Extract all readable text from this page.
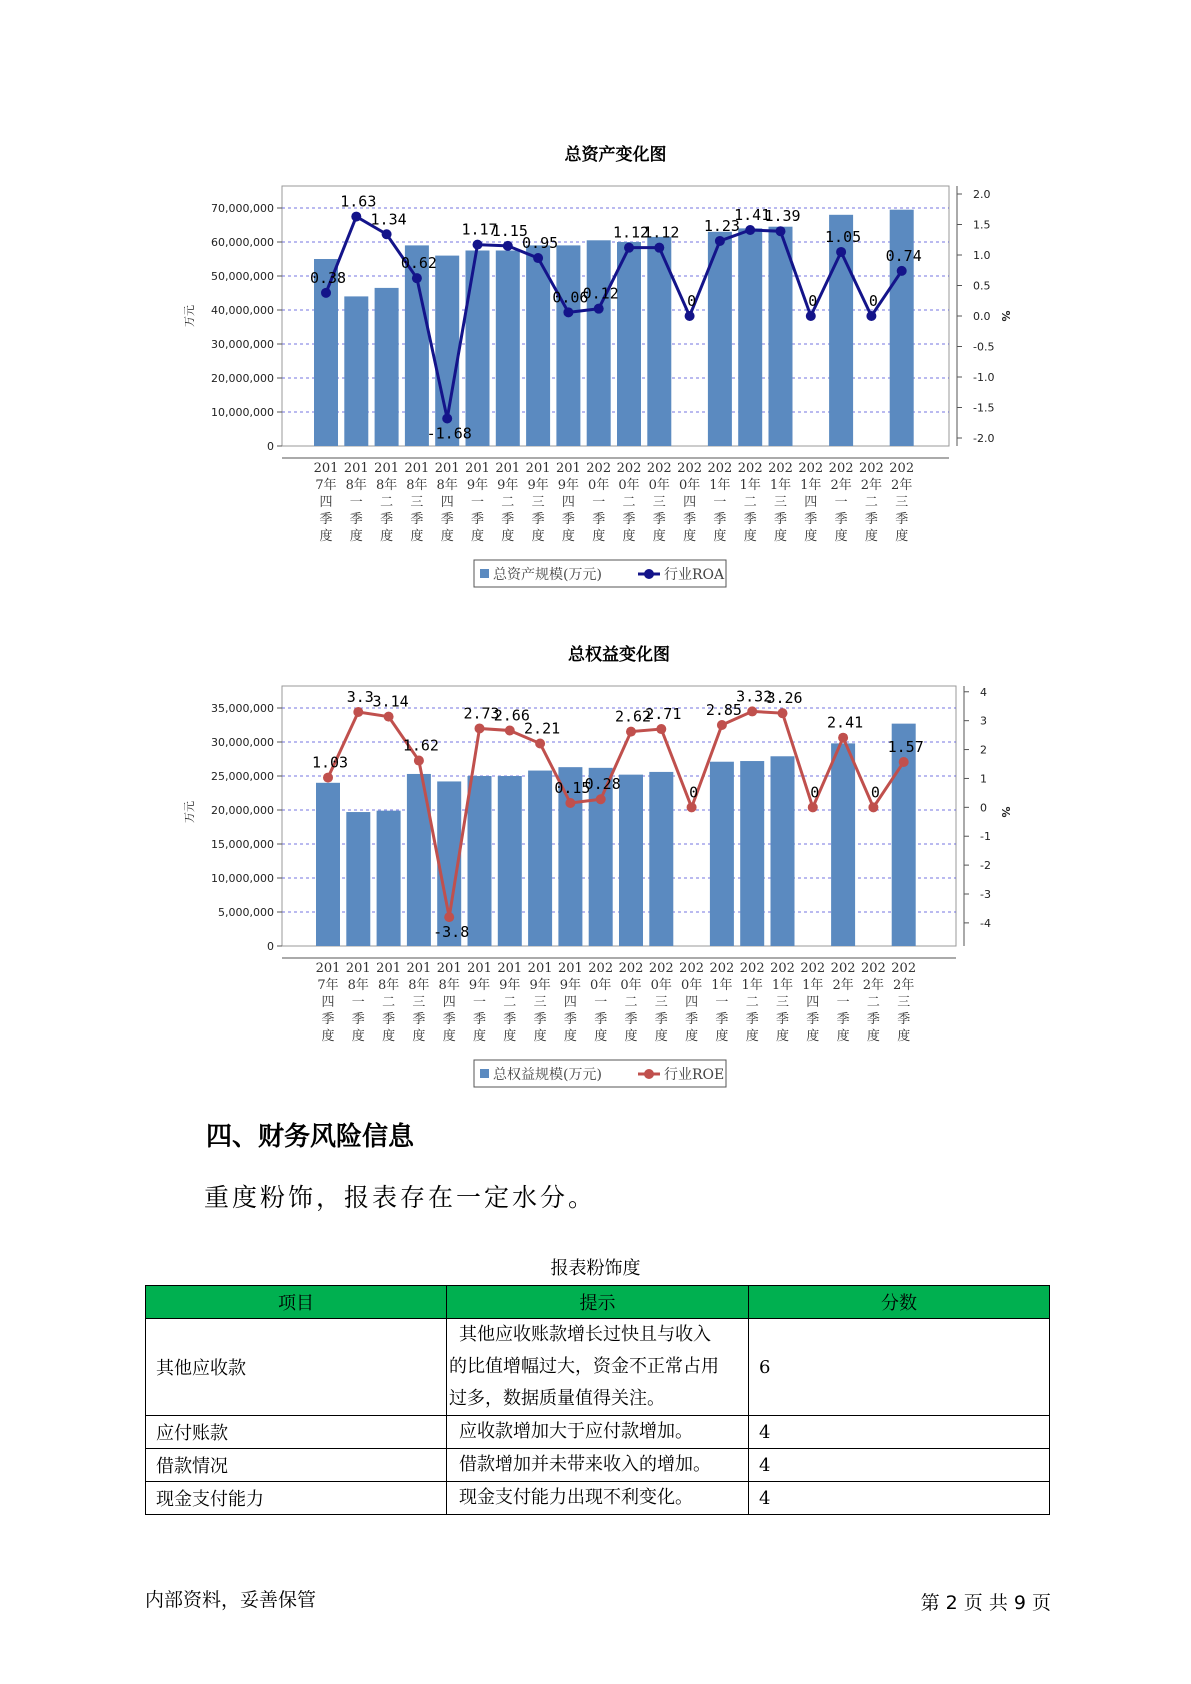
总资产变化图
0
10,000,000
20,000,000
30,000,000
40,000,000
50,000,000
60,000,000
70,000,000
万元
2.0
1.5
1.0
0.5
0.0
-0.5
-1.0
-1.5
-2.0
%
201
7年
四
季
度
201
8年
一
季
度
201
8年
二
季
度
201
8年
三
季
度
201
8年
四
季
度
201
9年
一
季
度
201
9年
二
季
度
201
9年
三
季
度
201
9年
四
季
度
202
0年
一
季
度
202
0年
二
季
度
202
0年
三
季
度
202
0年
四
季
度
202
1年
一
季
度
202
1年
二
季
度
202
1年
三
季
度
202
1年
四
季
度
202
2年
一
季
度
202
2年
二
季
度
202
2年
三
季
度
0.38
1.63
1.34
0.62
-1.68
1.17
1.15
0.95
0.06
0.12
1.12
1.12
0
1.23
1.41
1.39
0
1.05
0
0.74
总资产规模(万元)	行业ROA
总权益变化图
0
5,000,000
10,000,000
15,000,000
20,000,000
25,000,000
30,000,000
35,000,000
万元
4
3
2
1
0
-1
-2
-3
-4
%
201
7年
四
季
度
201
8年
一
季
度
201
8年
二
季
度
201
8年
三
季
度
201
8年
四
季
度
201
9年
一
季
度
201
9年
二
季
度
201
9年
三
季
度
201
9年
四
季
度
202
0年
一
季
度
202
0年
二
季
度
202
0年
三
季
度
202
0年
四
季
度
202
1年
一
季
度
202
1年
二
季
度
202
1年
三
季
度
202
1年
四
季
度
202
2年
一
季
度
202
2年
二
季
度
202
2年
三
季
度
1.03
3.3
3.14
1.62
-3.8
2.73
2.66
2.21
0.15
0.28
2.62
2.71
0
2.85
3.32
3.26
0
2.41
0
1.57
总权益规模(万元)	行业ROE
四、财务风险信息

重度粉饰，报表存在一定水分。

报表粉饰度
项目	提示	分数
其他应收款	其他应收账款增长过快且与收入
的比值增幅过大，资金不正常占用
过多，数据质量值得关注。	6
应付账款	应收款增加大于应付款增加。	4
借款情况	借款增加并未带来收入的增加。	4
现金支付能力	现金支付能力出现不利变化。	4
内部资料，妥善保管	第 2 页 共 9 页
